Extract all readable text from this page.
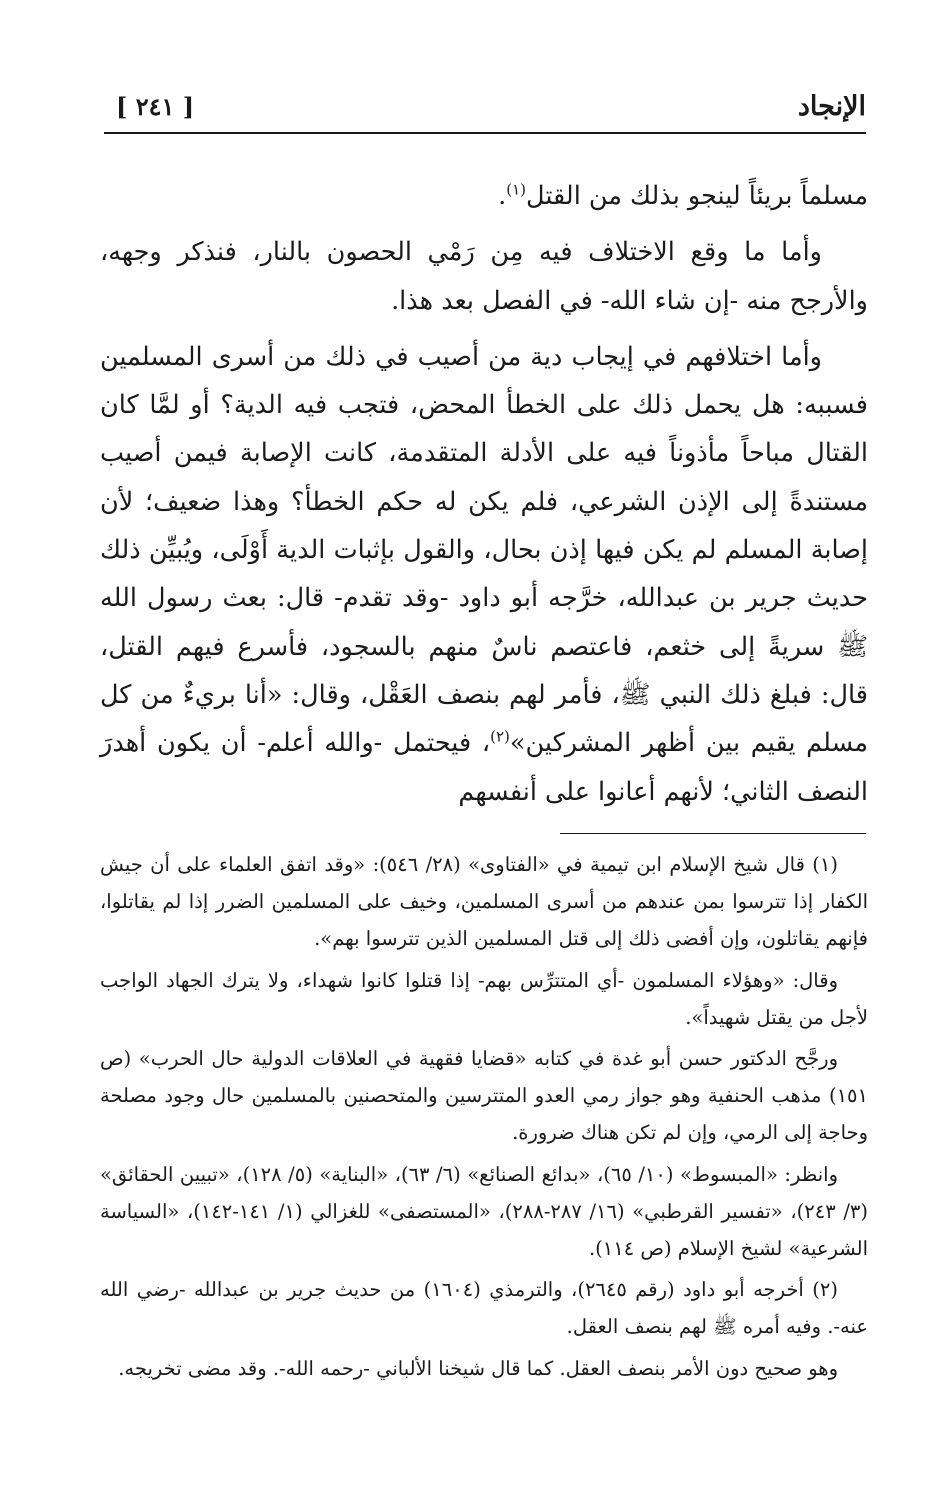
الإنجاد
[ ٢٤١ ]

مسلماً بريئاً لينجو بذلك من القتل$^{(١)}$.

وأما ما وقع الاختلاف فيه مِن رَمْي الحصون بالنار، فنذكر وجهه، والأرجح منه -إن شاء الله- في الفصل بعد هذا.

وأما اختلافهم في إيجاب دية من أصيب في ذلك من أسرى المسلمين فسببه: هل يحمل ذلك على الخطأ المحض، فتجب فيه الدية؟ أو لمَّا كان القتال مباحاً مأذوناً فيه على الأدلة المتقدمة، كانت الإصابة فيمن أصيب مستندةً إلى الإذن الشرعي، فلم يكن له حكم الخطأ؟ وهذا ضعيف؛ لأن إصابة المسلم لم يكن فيها إذن بحال، والقول بإثبات الدية أَوْلَى، ويُبيِّن ذلك حديث جرير بن عبدالله، خرَّجه أبو داود -وقد تقدم- قال: بعث رسول الله ﷺ سريةً إلى خثعم، فاعتصم ناسٌ منهم بالسجود، فأسرع فيهم القتل، قال: فبلغ ذلك النبي ﷺ، فأمر لهم بنصف العَقْل، وقال: «أنا بريءٌ من كل مسلم يقيم بين أظهر المشركين»$^{(٢)}$، فيحتمل -والله أعلم- أن يكون أهدرَ النصف الثاني؛ لأنهم أعانوا على أنفسهم

(١) قال شيخ الإسلام ابن تيمية في «الفتاوى» (٢٨/ ٥٤٦): «وقد اتفق العلماء على أن جيش الكفار إذا تترسوا بمن عندهم من أسرى المسلمين، وخيف على المسلمين الضرر إذا لم يقاتلوا، فإنهم يقاتلون، وإن أفضى ذلك إلى قتل المسلمين الذين تترسوا بهم».

وقال: «وهؤلاء المسلمون -أي المتترِّس بهم- إذا قتلوا كانوا شهداء، ولا يترك الجهاد الواجب لأجل من يقتل شهيداً».

ورجَّح الدكتور حسن أبو غدة في كتابه «قضايا فقهية في العلاقات الدولية حال الحرب» (ص ١٥١) مذهب الحنفية وهو جواز رمي العدو المتترسين والمتحصنين بالمسلمين حال وجود مصلحة وحاجة إلى الرمي، وإن لم تكن هناك ضرورة.

وانظر: «المبسوط» (١٠/ ٦٥)، «بدائع الصنائع» (٦/ ٦٣)، «البناية» (٥/ ١٢٨)، «تبيين الحقائق» (٣/ ٢٤٣)، «تفسير القرطبي» (١٦/ ٢٨٧-٢٨٨)، «المستصفى» للغزالي (١/ ١٤١-١٤٢)، «السياسة الشرعية» لشيخ الإسلام (ص ١١٤).

(٢) أخرجه أبو داود (رقم ٢٦٤٥)، والترمذي (١٦٠٤) من حديث جرير بن عبدالله -رضي الله عنه-. وفيه أمره ﷺ لهم بنصف العقل.

وهو صحيح دون الأمر بنصف العقل. كما قال شيخنا الألباني -رحمه الله-. وقد مضى تخريجه.
